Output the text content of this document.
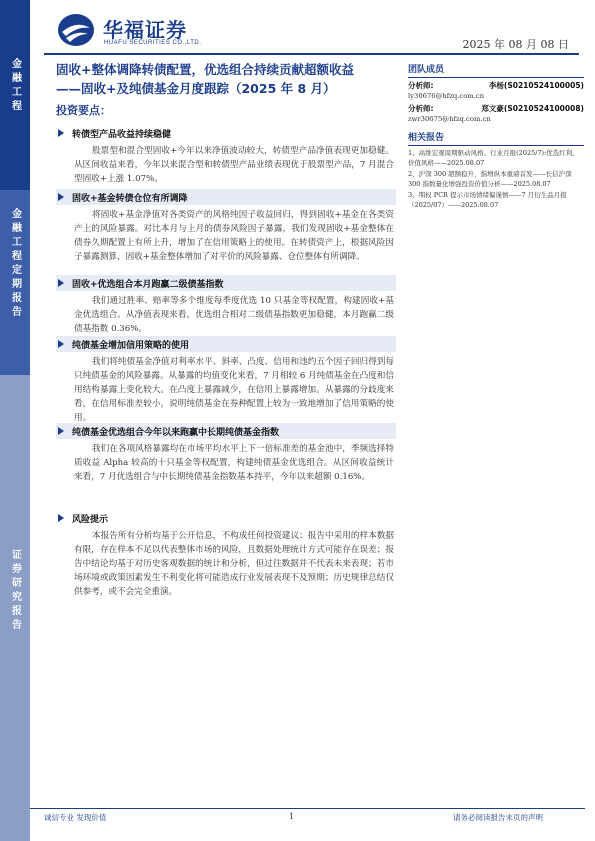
金融工程
金融工程定期报告
证券研究报告
华福证券
HUAFU SECURITIES CO.,LTD.	2025 年 08 月 08 日
固收+整体调降转债配置，优选组合持续贡献超额收益
——固收+及纯债基金月度跟踪（2025 年 8 月）
投资要点：
转债型产品收益持续稳健

股票型和混合型固收+今年以来净值波动较大，转债型产品净值表现更加稳健。从区间收益来看，今年以来混合型和转债型产品业绩表现优于股票型产品，7 月混合型固收+上涨 1.07%。

固收+基金转债仓位有所调降

将固收+基金净值对各类资产的风格纯因子收益回归，得到固收+基金在各类资产上的风险暴露。对比本月与上月的债券风险因子暴露，我们发现固收+基金整体在债券久期配置上有所上升，增加了在信用策略上的使用。在转债资产上，根据风险因子暴露测算，固收+基金整体增加了对平价的风险暴露、仓位整体有所调降。

固收+优选组合本月跑赢二级债基指数

我们通过胜率、赔率等多个维度每季度优选 10 只基金等权配置，构建固收+基金优选组合。从净值表现来看，优选组合相对二级债基指数更加稳健，本月跑赢二级债基指数 0.36%。

纯债基金增加信用策略的使用

我们将纯债基金净值对利率水平、斜率、凸度、信用和违约五个因子回归得到每只纯债基金的风险暴露。从暴露的均值变化来看，7 月相较 6 月纯债基金在凸度和信用结构暴露上变化较大。在凸度上暴露减少，在信用上暴露增加。从暴露的分歧度来看，在信用标准差较小，说明纯债基金在券种配置上较为一致地增加了信用策略的使用。

纯债基金优选组合今年以来跑赢中长期纯债基金指数

我们在各项风格暴露均在市场平均水平上下一倍标准差的基金池中，季频选择特质收益 Alpha 较高的十只基金等权配置，构建纯债基金优选组合。从区间收益统计来看，7 月优选组合与中长期纯债基金指数基本持平，今年以来超额 0.16%。

风险提示

本报告所有分析均基于公开信息，不构成任何投资建议；报告中采用的样本数据有限，存在样本不足以代表整体市场的风险，且数据处理统计方式可能存在误差；报告中结论均基于对历史客观数据的统计和分析，但过往数据并不代表未来表现；若市场环境或政策因素发生不利变化将可能造成行业发展表现不及预期；历史规律总结仅供参考，或不会完全重演。

团队成员
分析师:	李杨(S0210524100005)
ly30676@hfzq.com.cn
分析师:	郑文豪(S0210524100008)
zwr30675@hfzq.com.cn
相关报告
1、高维宏观周期驱动风格、行业月报(2025/7):优选红利、价值风格——2025.08.07
2、沪深 300 超额稳升，指增纵本重磅首发——长信沪深 300 指数量化增强投资价值分析——2025.08.07
3、期权 PCR 提示市场情绪偏谨慎——7 月衍生品月报（2025/07）——2025.08.07
诚信专业 发现价值	1	请务必阅读报告末页的声明
